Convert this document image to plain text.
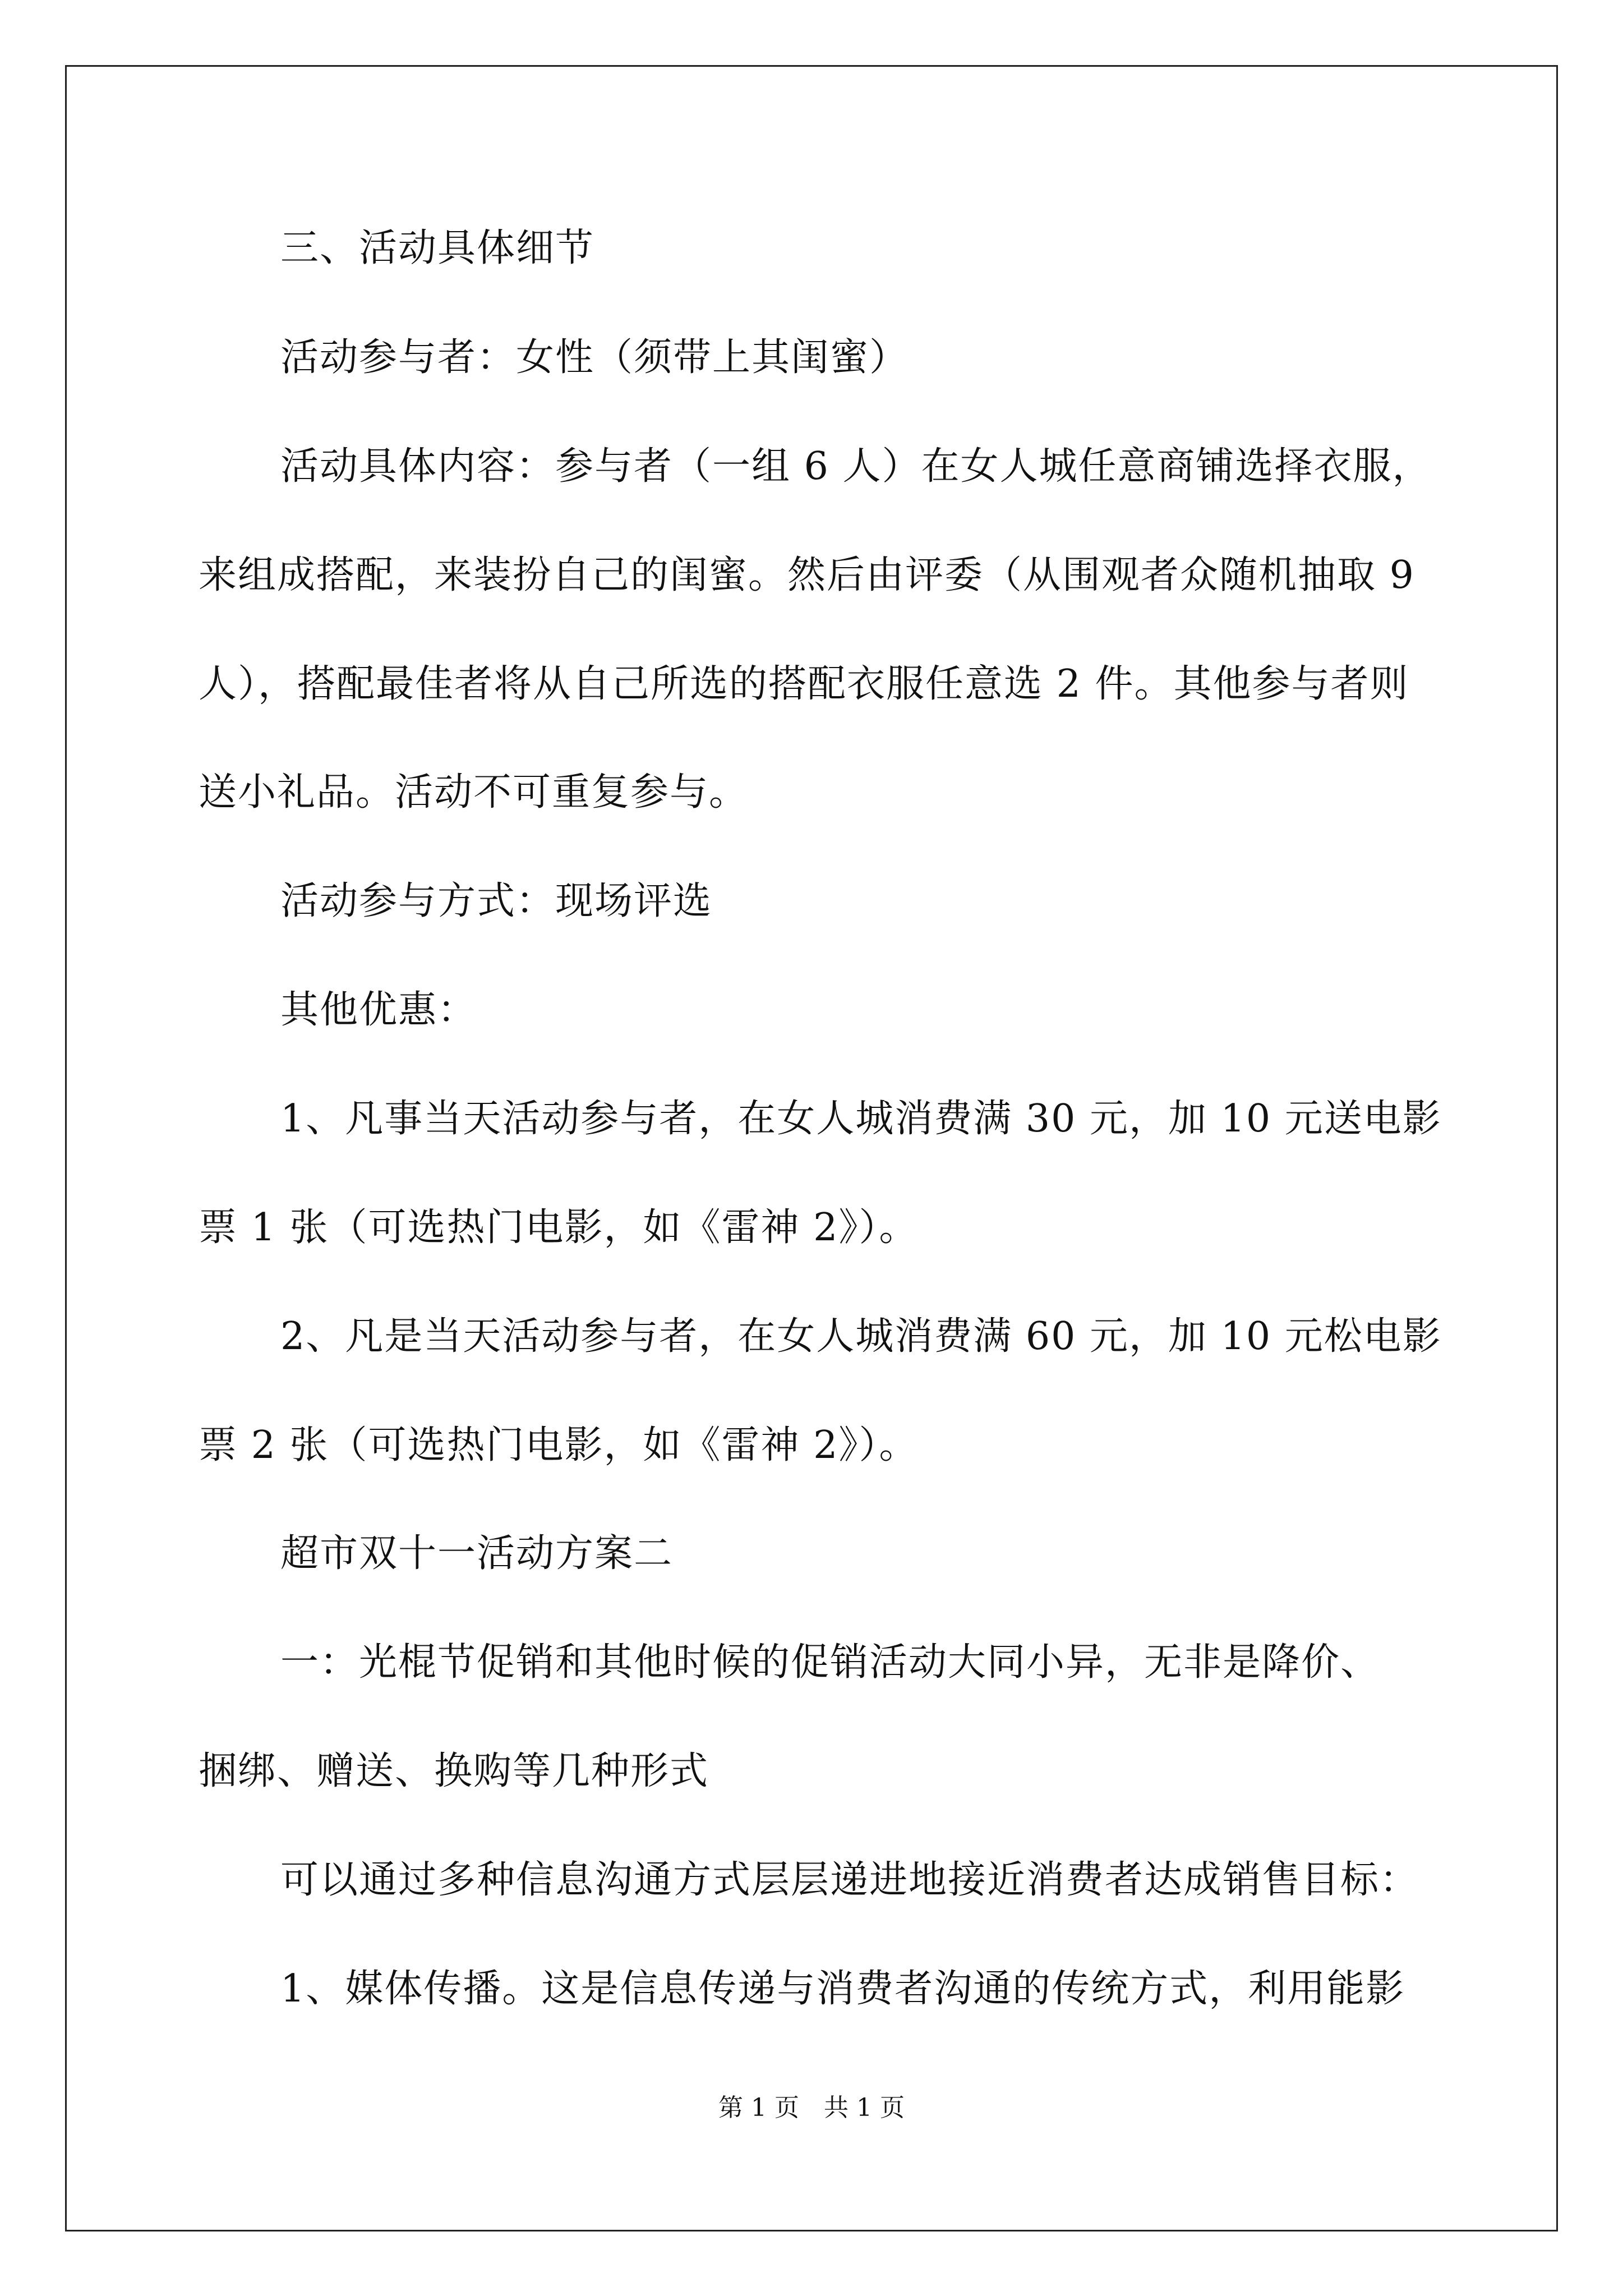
三、活动具体细节
活动参与者：女性（须带上其闺蜜）
活动具体内容：参与者（一组 6 人）在女人城任意商铺选择衣服，
来组成搭配，来装扮自己的闺蜜。然后由评委（从围观者众随机抽取 9
人），搭配最佳者将从自己所选的搭配衣服任意选 2 件。其他参与者则
送小礼品。活动不可重复参与。
活动参与方式：现场评选
其他优惠：
1、凡事当天活动参与者，在女人城消费满 30 元，加 10 元送电影
票 1 张（可选热门电影，如《雷神 2》）。
2、凡是当天活动参与者，在女人城消费满 60 元，加 10 元松电影
票 2 张（可选热门电影，如《雷神 2》）。
超市双十一活动方案二
一：光棍节促销和其他时候的促销活动大同小异，无非是降价、
捆绑、赠送、换购等几种形式
可以通过多种信息沟通方式层层递进地接近消费者达成销售目标：
1、媒体传播。这是信息传递与消费者沟通的传统方式，利用能影
第 1 页　共 1 页
